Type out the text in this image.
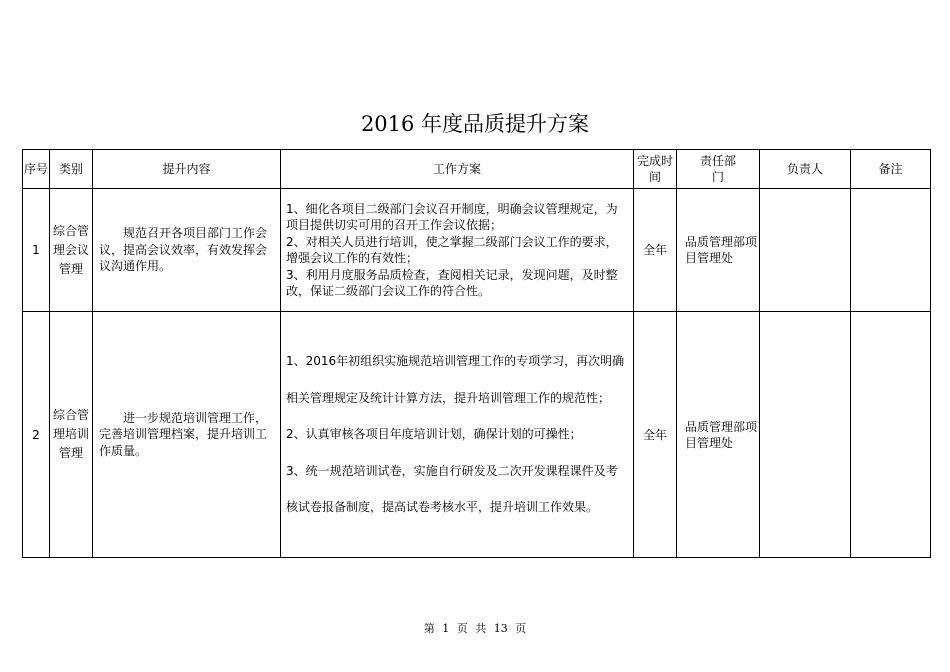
2016 年度品质提升方案
序号	类别	提升内容	工作方案	完成时间	责任部门	负责人	备注
1	综合管理会议管理	规范召开各项目部门工作会议，提高会议效率，有效发挥会议沟通作用。	1、细化各项目二级部门会议召开制度，明确会议管理规定，为项目提供切实可用的召开工作会议依据；
2、对相关人员进行培训，使之掌握二级部门会议工作的要求，增强会议工作的有效性；
3、利用月度服务品质检查，查阅相关记录，发现问题，及时整改，保证二级部门会议工作的符合性。	全年	品质管理部项目管理处		
2	综合管理培训管理	进一步规范培训管理工作，完善培训管理档案，提升培训工作质量。	1、2016年初组织实施规范培训管理工作的专项学习，再次明确相关管理规定及统计计算方法，提升培训管理工作的规范性；
2、认真审核各项目年度培训计划，确保计划的可操性；
3、统一规范培训试卷，实施自行研发及二次开发课程课件及考核试卷报备制度，提高试卷考核水平，提升培训工作效果。	全年	品质管理部项目管理处		
第 1 页 共 13 页
